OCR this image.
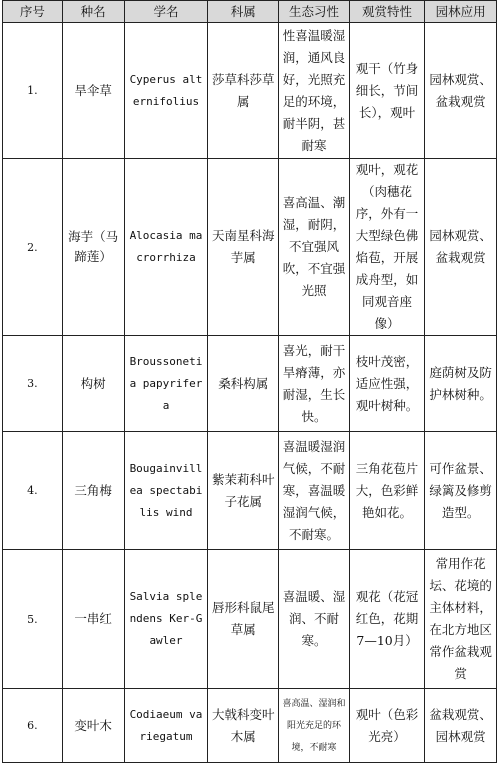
序号	种名	学名	科属	生态习性	观赏特性	园林应用
1.	旱伞草	Cyperus alternifolius	莎草科莎草属	性喜温暖湿润，通风良好，光照充足的环境，耐半阴，甚耐寒	观干（竹身细长，节间长），观叶	园林观赏、盆栽观赏
2.	海芋（马蹄莲）	Alocasia macrorrhiza	天南星科海芋属	喜高温、潮湿，耐阴，不宜强风吹，不宜强光照	观叶，观花（肉穗花序，外有一大型绿色佛焰苞，开展成舟型，如同观音座像）	园林观赏、盆栽观赏
3.	构树	Broussonetia papyrifera	桑科构属	喜光，耐干旱瘠薄，亦耐湿，生长快。	枝叶茂密，适应性强，观叶树种。	庭荫树及防护林树种。
4.	三角梅	Bougainvillea spectabilis wind	紫茉莉科叶子花属	喜温暖湿润气候，不耐寒，喜温暖湿润气候，不耐寒。	三角花苞片大，色彩鲜艳如花。	可作盆景、绿篱及修剪造型。
5.	一串红	Salvia splendens Ker-Gawler	唇形科鼠尾草属	喜温暖、湿润、不耐寒。	观花（花冠红色，花期7—10月）	常用作花坛、花境的主体材料，在北方地区常作盆栽观赏
6.	变叶木	Codiaeum variegatum	大戟科变叶木属	喜高温、湿润和阳光充足的环境，不耐寒	观叶（色彩光亮）	盆栽观赏、园林观赏
